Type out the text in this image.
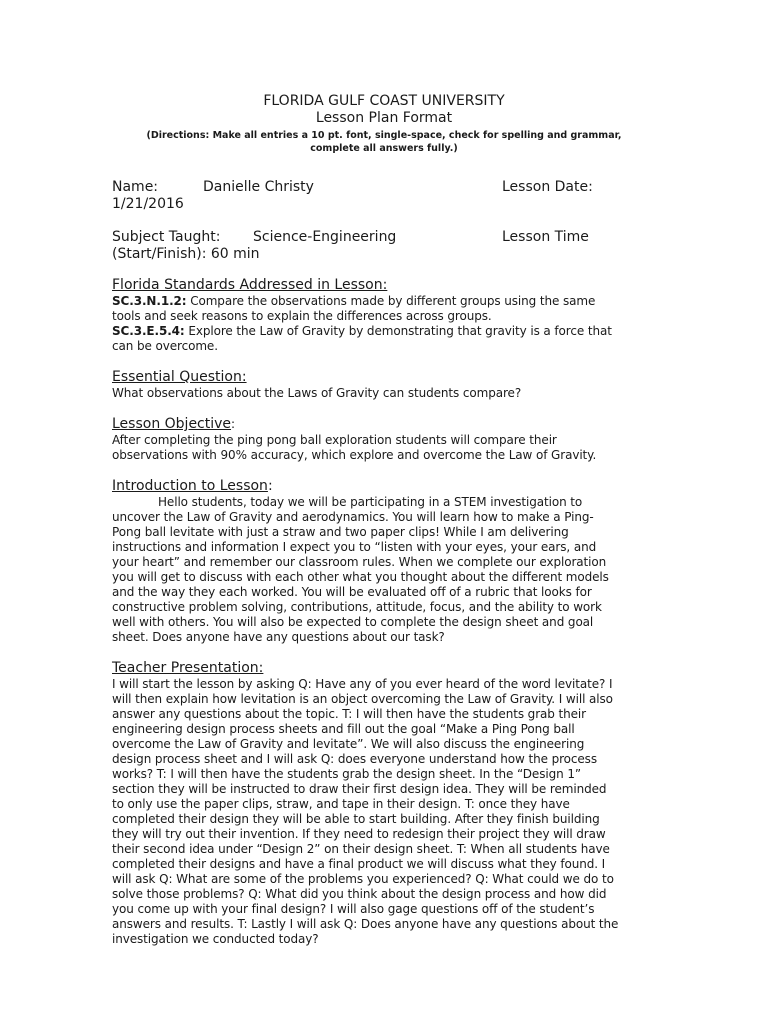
FLORIDA GULF COAST UNIVERSITY
Lesson Plan Format
(Directions: Make all entries a 10 pt. font, single-space, check for spelling and grammar,
complete all answers fully.)
Name:	Danielle Christy	Lesson Date:
1/21/2016
Subject Taught: Science-Engineering	Lesson Time
(Start/Finish): 60 min
Florida Standards Addressed in Lesson:
SC.3.N.1.2: Compare the observations made by different groups using the same
tools and seek reasons to explain the differences across groups.
SC.3.E.5.4: Explore the Law of Gravity by demonstrating that gravity is a force that
can be overcome.
Essential Question:
What observations about the Laws of Gravity can students compare?
Lesson Objective:
After completing the ping pong ball exploration students will compare their
observations with 90% accuracy, which explore and overcome the Law of Gravity.
Introduction to Lesson:
Hello students, today we will be participating in a STEM investigation to
uncover the Law of Gravity and aerodynamics. You will learn how to make a Ping-
Pong ball levitate with just a straw and two paper clips! While I am delivering
instructions and information I expect you to “listen with your eyes, your ears, and
your heart” and remember our classroom rules. When we complete our exploration
you will get to discuss with each other what you thought about the different models
and the way they each worked. You will be evaluated off of a rubric that looks for
constructive problem solving, contributions, attitude, focus, and the ability to work
well with others. You will also be expected to complete the design sheet and goal
sheet. Does anyone have any questions about our task?
Teacher Presentation:
I will start the lesson by asking Q: Have any of you ever heard of the word levitate? I
will then explain how levitation is an object overcoming the Law of Gravity. I will also
answer any questions about the topic. T: I will then have the students grab their
engineering design process sheets and fill out the goal “Make a Ping Pong ball
overcome the Law of Gravity and levitate”. We will also discuss the engineering
design process sheet and I will ask Q: does everyone understand how the process
works? T: I will then have the students grab the design sheet. In the “Design 1”
section they will be instructed to draw their first design idea. They will be reminded
to only use the paper clips, straw, and tape in their design. T: once they have
completed their design they will be able to start building. After they finish building
they will try out their invention. If they need to redesign their project they will draw
their second idea under “Design 2” on their design sheet. T: When all students have
completed their designs and have a final product we will discuss what they found. I
will ask Q: What are some of the problems you experienced? Q: What could we do to
solve those problems? Q: What did you think about the design process and how did
you come up with your final design? I will also gage questions off of the student’s
answers and results. T: Lastly I will ask Q: Does anyone have any questions about the
investigation we conducted today?
